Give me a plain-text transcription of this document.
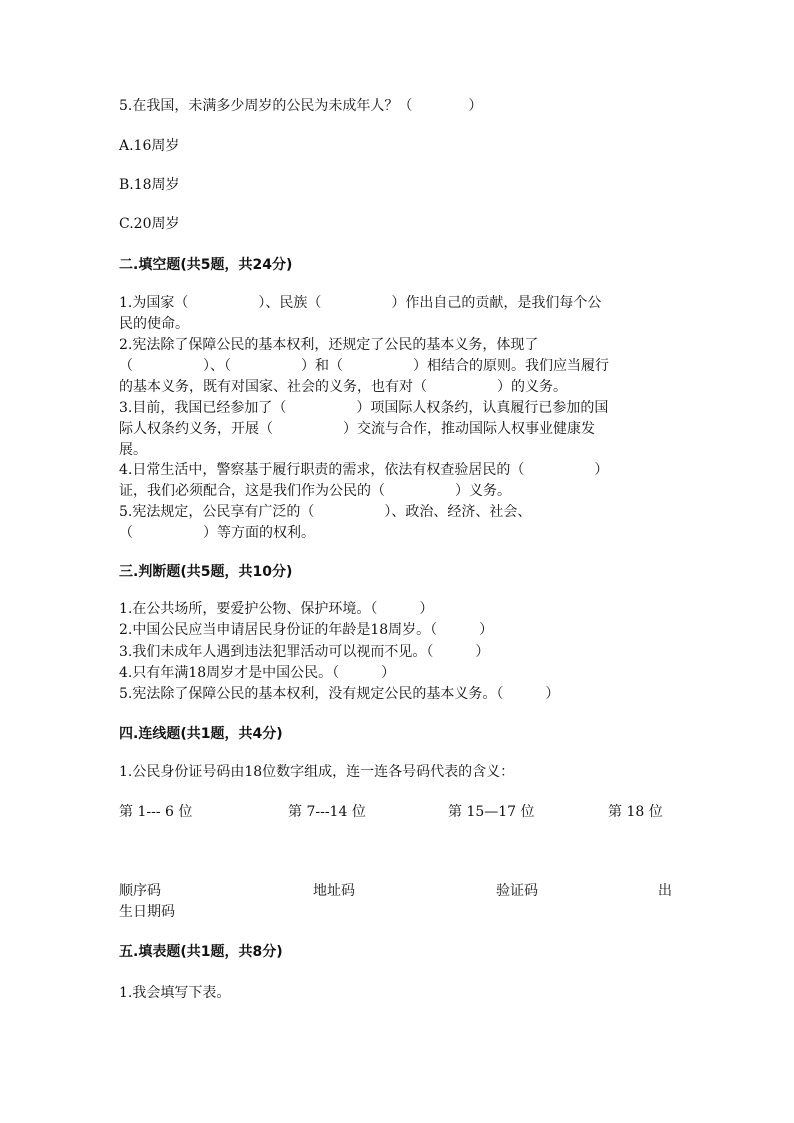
5.在我国，未满多少周岁的公民为未成年人？（　　　　）
A.16周岁
B.18周岁
C.20周岁
二.填空题(共5题，共24分)
1.为国家（　　　　　）、民族（　　　　　）作出自己的贡献，是我们每个公
民的使命。
2.宪法除了保障公民的基本权利，还规定了公民的基本义务，体现了
（　　　　　）、（　　　　　）和（　　　　　）相结合的原则。我们应当履行
的基本义务，既有对国家、社会的义务，也有对（　　　　　）的义务。
3.目前，我国已经参加了（　　　　　）项国际人权条约，认真履行已参加的国
际人权条约义务，开展（　　　　　）交流与合作，推动国际人权事业健康发
展。
4.日常生活中，警察基于履行职责的需求，依法有权查验居民的（　　　　　）
证，我们必须配合，这是我们作为公民的（　　　　　）义务。
5.宪法规定，公民享有广泛的（　　　　　）、政治、经济、社会、
（　　　　　）等方面的权利。
三.判断题(共5题，共10分)
1.在公共场所，要爱护公物、保护环境。（　　　）
2.中国公民应当申请居民身份证的年龄是18周岁。（　　　）
3.我们未成年人遇到违法犯罪活动可以视而不见。（　　　）
4.只有年满18周岁才是中国公民。（　　　）
5.宪法除了保障公民的基本权利，没有规定公民的基本义务。（　　　）
四.连线题(共1题，共4分)
1.公民身份证号码由18位数字组成，连一连各号码代表的含义：
第 1--- 6 位	第 7---14 位	第 15—17 位	第 18 位
顺序码	地址码	验证码	出
生日期码
五.填表题(共1题，共8分)
1.我会填写下表。
